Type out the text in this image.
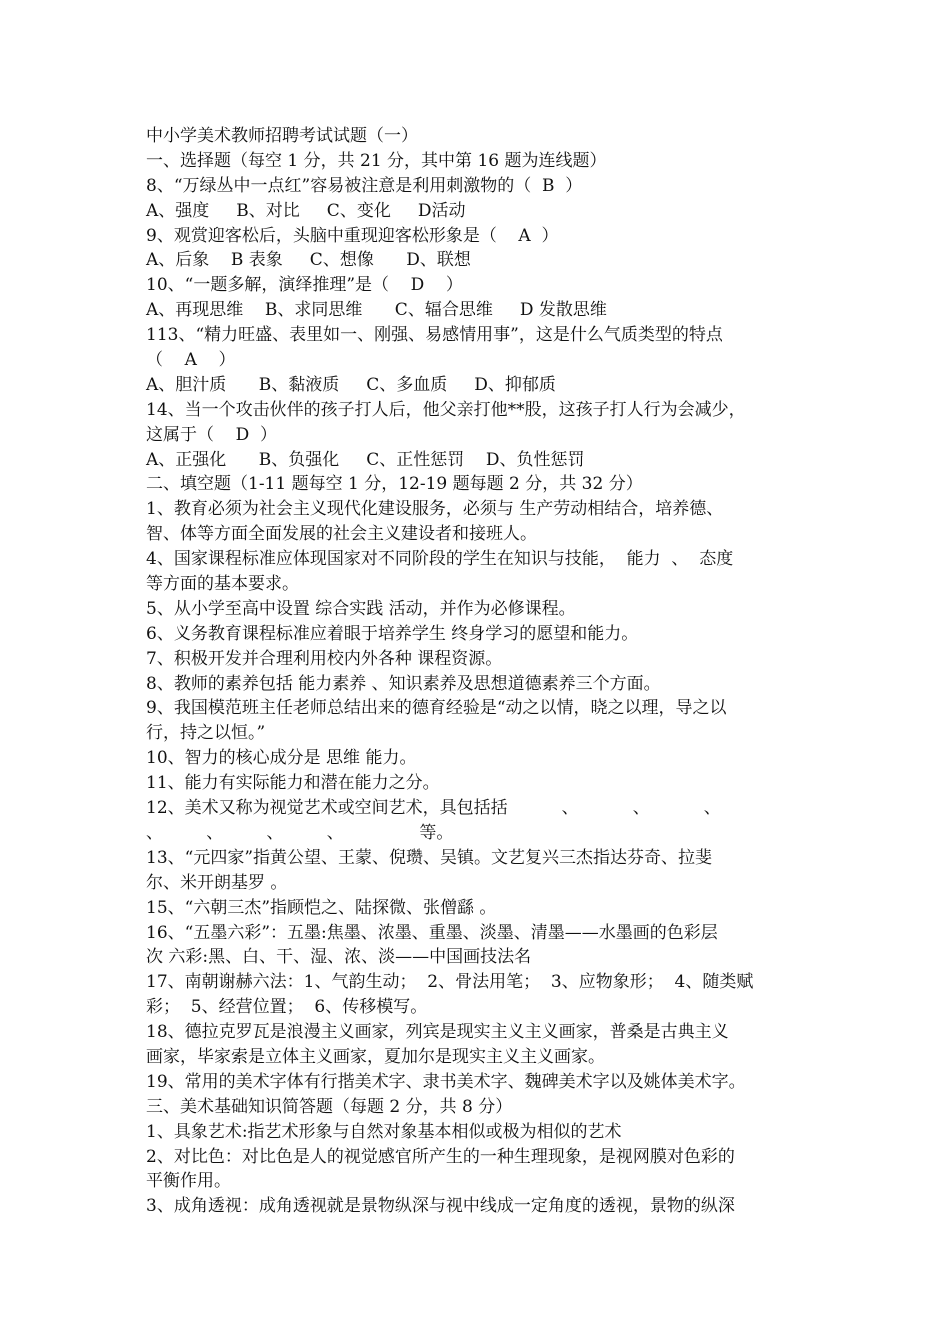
中小学美术教师招聘考试试题（一）
一、选择题（每空 1 分，共 21 分，其中第 16 题为连线题）
8、“万绿丛中一点红”容易被注意是利用刺激物的（  B  ）
A、强度     B、对比     C、变化     D活动
9、观赏迎客松后，头脑中重现迎客松形象是（    A  ）
A、后象    B 表象     C、想像      D、联想
10、“一题多解，演绎推理”是（    D    ）
A、再现思维    B、求同思维      C、辐合思维     D 发散思维
113、“精力旺盛、表里如一、刚强、易感情用事”，这是什么气质类型的特点
（    A    ）
A、胆汁质      B、黏液质     C、多血质     D、抑郁质
14、当一个攻击伙伴的孩子打人后，他父亲打他**股，这孩子打人行为会减少，
这属于（    D  ）
A、正强化      B、负强化     C、正性惩罚    D、负性惩罚
二、填空题（1-11 题每空 1 分，12-19 题每题 2 分，共 32 分）
1、教育必须为社会主义现代化建设服务，必须与 生产劳动相结合，培养德、
智、体等方面全面发展的社会主义建设者和接班人。
4、国家课程标准应体现国家对不同阶段的学生在知识与技能，  能力  、  态度
等方面的基本要求。
5、从小学至高中设置 综合实践 活动，并作为必修课程。
6、义务教育课程标准应着眼于培养学生 终身学习的愿望和能力。
7、积极开发并合理利用校内外各种 课程资源。
8、教师的素养包括 能力素养 、知识素养及思想道德素养三个方面。
9、我国模范班主任老师总结出来的德育经验是“动之以情，晓之以理，导之以
行，持之以恒。”
10、智力的核心成分是 思维 能力。
11、能力有实际能力和潜在能力之分。
12、美术又称为视觉艺术或空间艺术，具包括括          、          、          、
、        、        、        、              等。
13、“元四家”指黄公望、王蒙、倪瓒、吴镇。文艺复兴三杰指达芬奇、拉斐
尔、米开朗基罗 。
15、“六朝三杰”指顾恺之、陆探微、张僧繇 。
16、“五墨六彩”：五墨:焦墨、浓墨、重墨、淡墨、清墨——水墨画的色彩层
次 六彩:黑、白、干、湿、浓、淡——中国画技法名
17、南朝谢赫六法：1、气韵生动；  2、骨法用笔；  3、应物象形；  4、随类赋
彩；  5、经营位置；  6、传移模写。
18、德拉克罗瓦是浪漫主义画家，列宾是现实主义主义画家，普桑是古典主义
画家，毕家索是立体主义画家，夏加尔是现实主义主义画家。
19、常用的美术字体有行揩美术字、隶书美术字、魏碑美术字以及姚体美术字。
三、美术基础知识简答题（每题 2 分，共 8 分）
1、具象艺术:指艺术形象与自然对象基本相似或极为相似的艺术
2、对比色：对比色是人的视觉感官所产生的一种生理现象，是视网膜对色彩的
平衡作用。
3、成角透视：成角透视就是景物纵深与视中线成一定角度的透视，景物的纵深
